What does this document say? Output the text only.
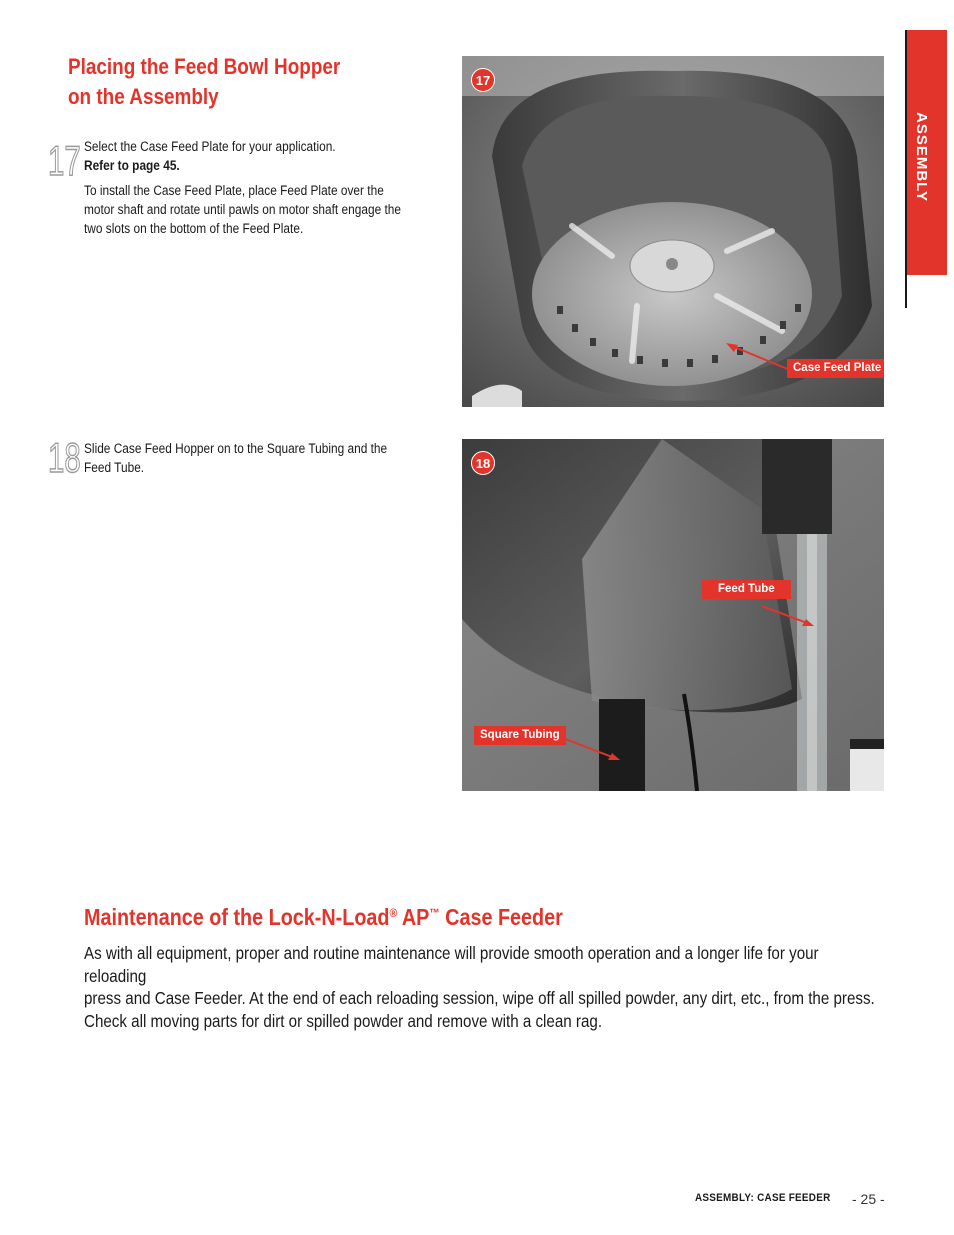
ASSEMBLY
Placing the Feed Bowl Hopper
on the Assembly
17 Select the Case Feed Plate for your application.
Refer to page 45.
To install the Case Feed Plate, place Feed Plate over the
motor shaft and rotate until pawls on motor shaft engage the
two slots on the bottom of the Feed Plate.
18 Slide Case Feed Hopper on to the Square Tubing and the
Feed Tube.
17
Case Feed Plate
18
Feed Tube
Square Tubing
Maintenance of the Lock-N-Load® AP™ Case Feeder
As with all equipment, proper and routine maintenance will provide smooth operation and a longer life for your reloading
press and Case Feeder. At the end of each reloading session, wipe off all spilled powder, any dirt, etc., from the press.
Check all moving parts for dirt or spilled powder and remove with a clean rag.
ASSEMBLY: CASE FEEDER - 25 -
